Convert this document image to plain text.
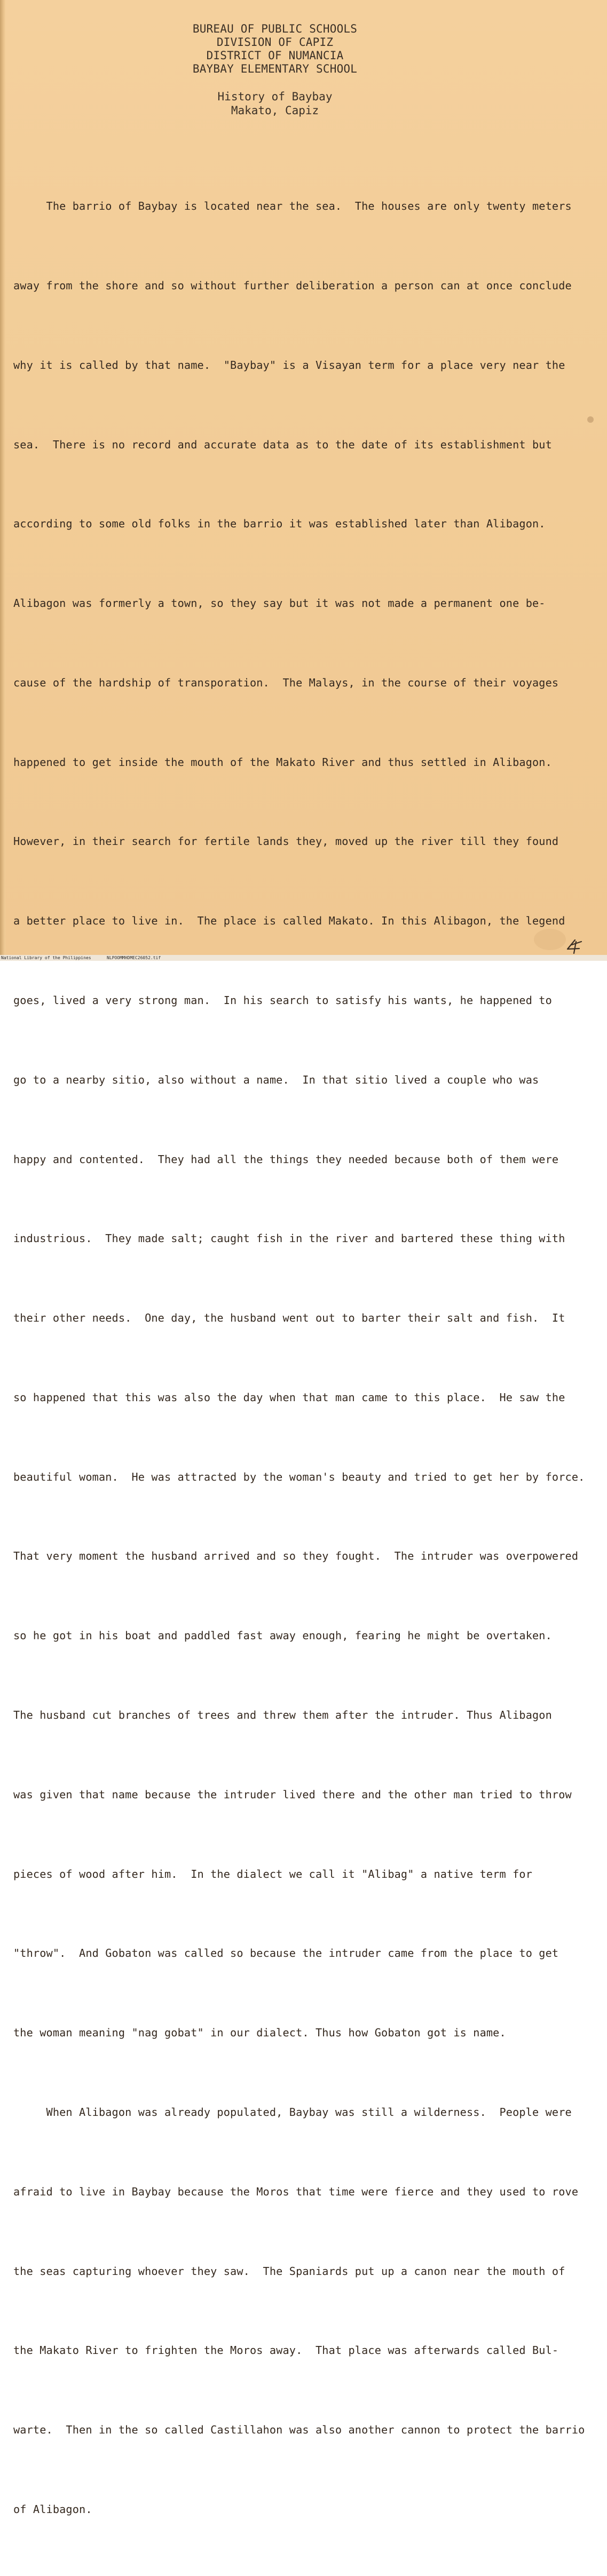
BUREAU OF PUBLIC SCHOOLS
DIVISION OF CAPIZ
DISTRICT OF NUMANCIA
BAYBAY ELEMENTARY SCHOOL
History of Baybay
Makato, Capiz

The barrio of Baybay is located near the sea.  The houses are only twenty meters

away from the shore and so without further deliberation a person can at once conclude

why it is called by that name.  "Baybay" is a Visayan term for a place very near the

sea.  There is no record and accurate data as to the date of its establishment but

according to some old folks in the barrio it was established later than Alibagon.

Alibagon was formerly a town, so they say but it was not made a permanent one be-

cause of the hardship of transporation.  The Malays, in the course of their voyages

happened to get inside the mouth of the Makato River and thus settled in Alibagon.

However, in their search for fertile lands they, moved up the river till they found

a better place to live in.  The place is called Makato. In this Alibagon, the legend

goes, lived a very strong man.  In his search to satisfy his wants, he happened to

go to a nearby sitio, also without a name.  In that sitio lived a couple who was

happy and contented.  They had all the things they needed because both of them were

industrious.  They made salt; caught fish in the river and bartered these thing with

their other needs.  One day, the husband went out to barter their salt and fish.  It

so happened that this was also the day when that man came to this place.  He saw the

beautiful woman.  He was attracted by the woman's beauty and tried to get her by force.

That very moment the husband arrived and so they fought.  The intruder was overpowered

so he got in his boat and paddled fast away enough, fearing he might be overtaken.

The husband cut branches of trees and threw them after the intruder. Thus Alibagon

was given that name because the intruder lived there and the other man tried to throw

pieces of wood after him.  In the dialect we call it "Alibag" a native term for

"throw".  And Gobaton was called so because the intruder came from the place to get

the woman meaning "nag gobat" in our dialect. Thus how Gobaton got is name.

When Alibagon was already populated, Baybay was still a wilderness.  People were

afraid to live in Baybay because the Moros that time were fierce and they used to rove

the seas capturing whoever they saw.  The Spaniards put up a canon near the mouth of

the Makato River to frighten the Moros away.  That place was afterwards called Bul-

warte.  Then in the so called Castillahon was also another cannon to protect the barrio

of Alibagon.

National Library of the Philippines	NLPOOMMHDMEC26052.tif
